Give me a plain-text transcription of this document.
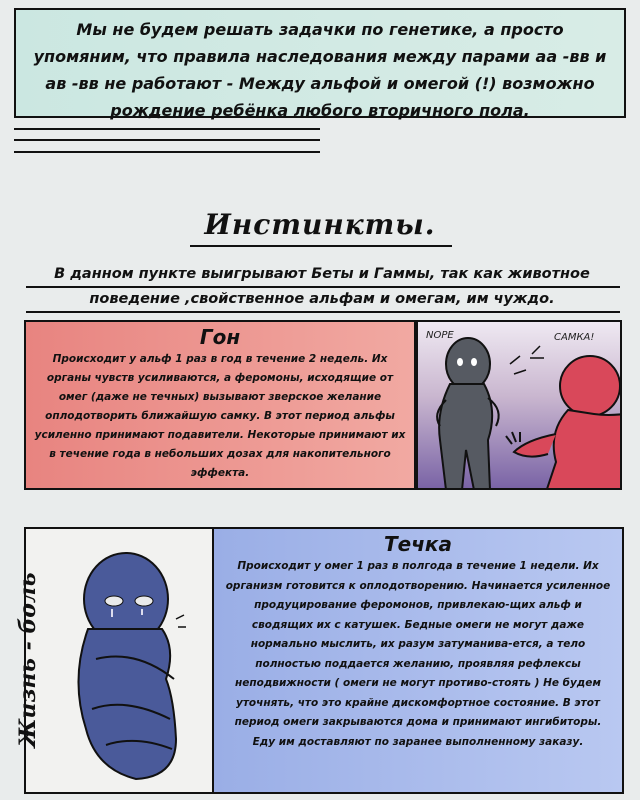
Мы не будем решать задачки по генетике, а просто упомяним, что правила наследования между парами аа -вв и ав -вв не работают - Между альфой и омегой (!) возможно рождение ребёнка любого вторичного пола.
Инстинкты.
В данном пункте выигрывают Беты и Гаммы, так как животное поведение ,свойственное альфам и омегам, им чуждо.
Гон
Происходит у альф 1 раз в год в течение 2 недель. Их органы чувств усиливаются, а феромоны, исходящие от омег (даже не течных) вызывают зверское желание оплодотворить ближайшую самку. В этот период альфы усиленно принимают подавители. Некоторые принимают их в течение года в небольших дозах для накопительного эффекта.
NOPE	САМКА!
Течка
Происходит у омег 1 раз в полгода в течение 1 недели. Их организм готовится к оплодотворению. Начинается усиленное продуцирование феромонов, привлекаю-щих альф и сводящих их с катушек. Бедные омеги не могут даже нормально мыслить, их разум затуманива-ется, а тело полностью поддается желанию, проявляя рефлексы неподвижности ( омеги не могут противо-стоять ) Не будем уточнять, что это крайне дискомфортное состояние. В этот период омеги закрываются дома и принимают ингибиторы. Еду им доставляют по заранее выполненному заказу.
Жизнь - боль
